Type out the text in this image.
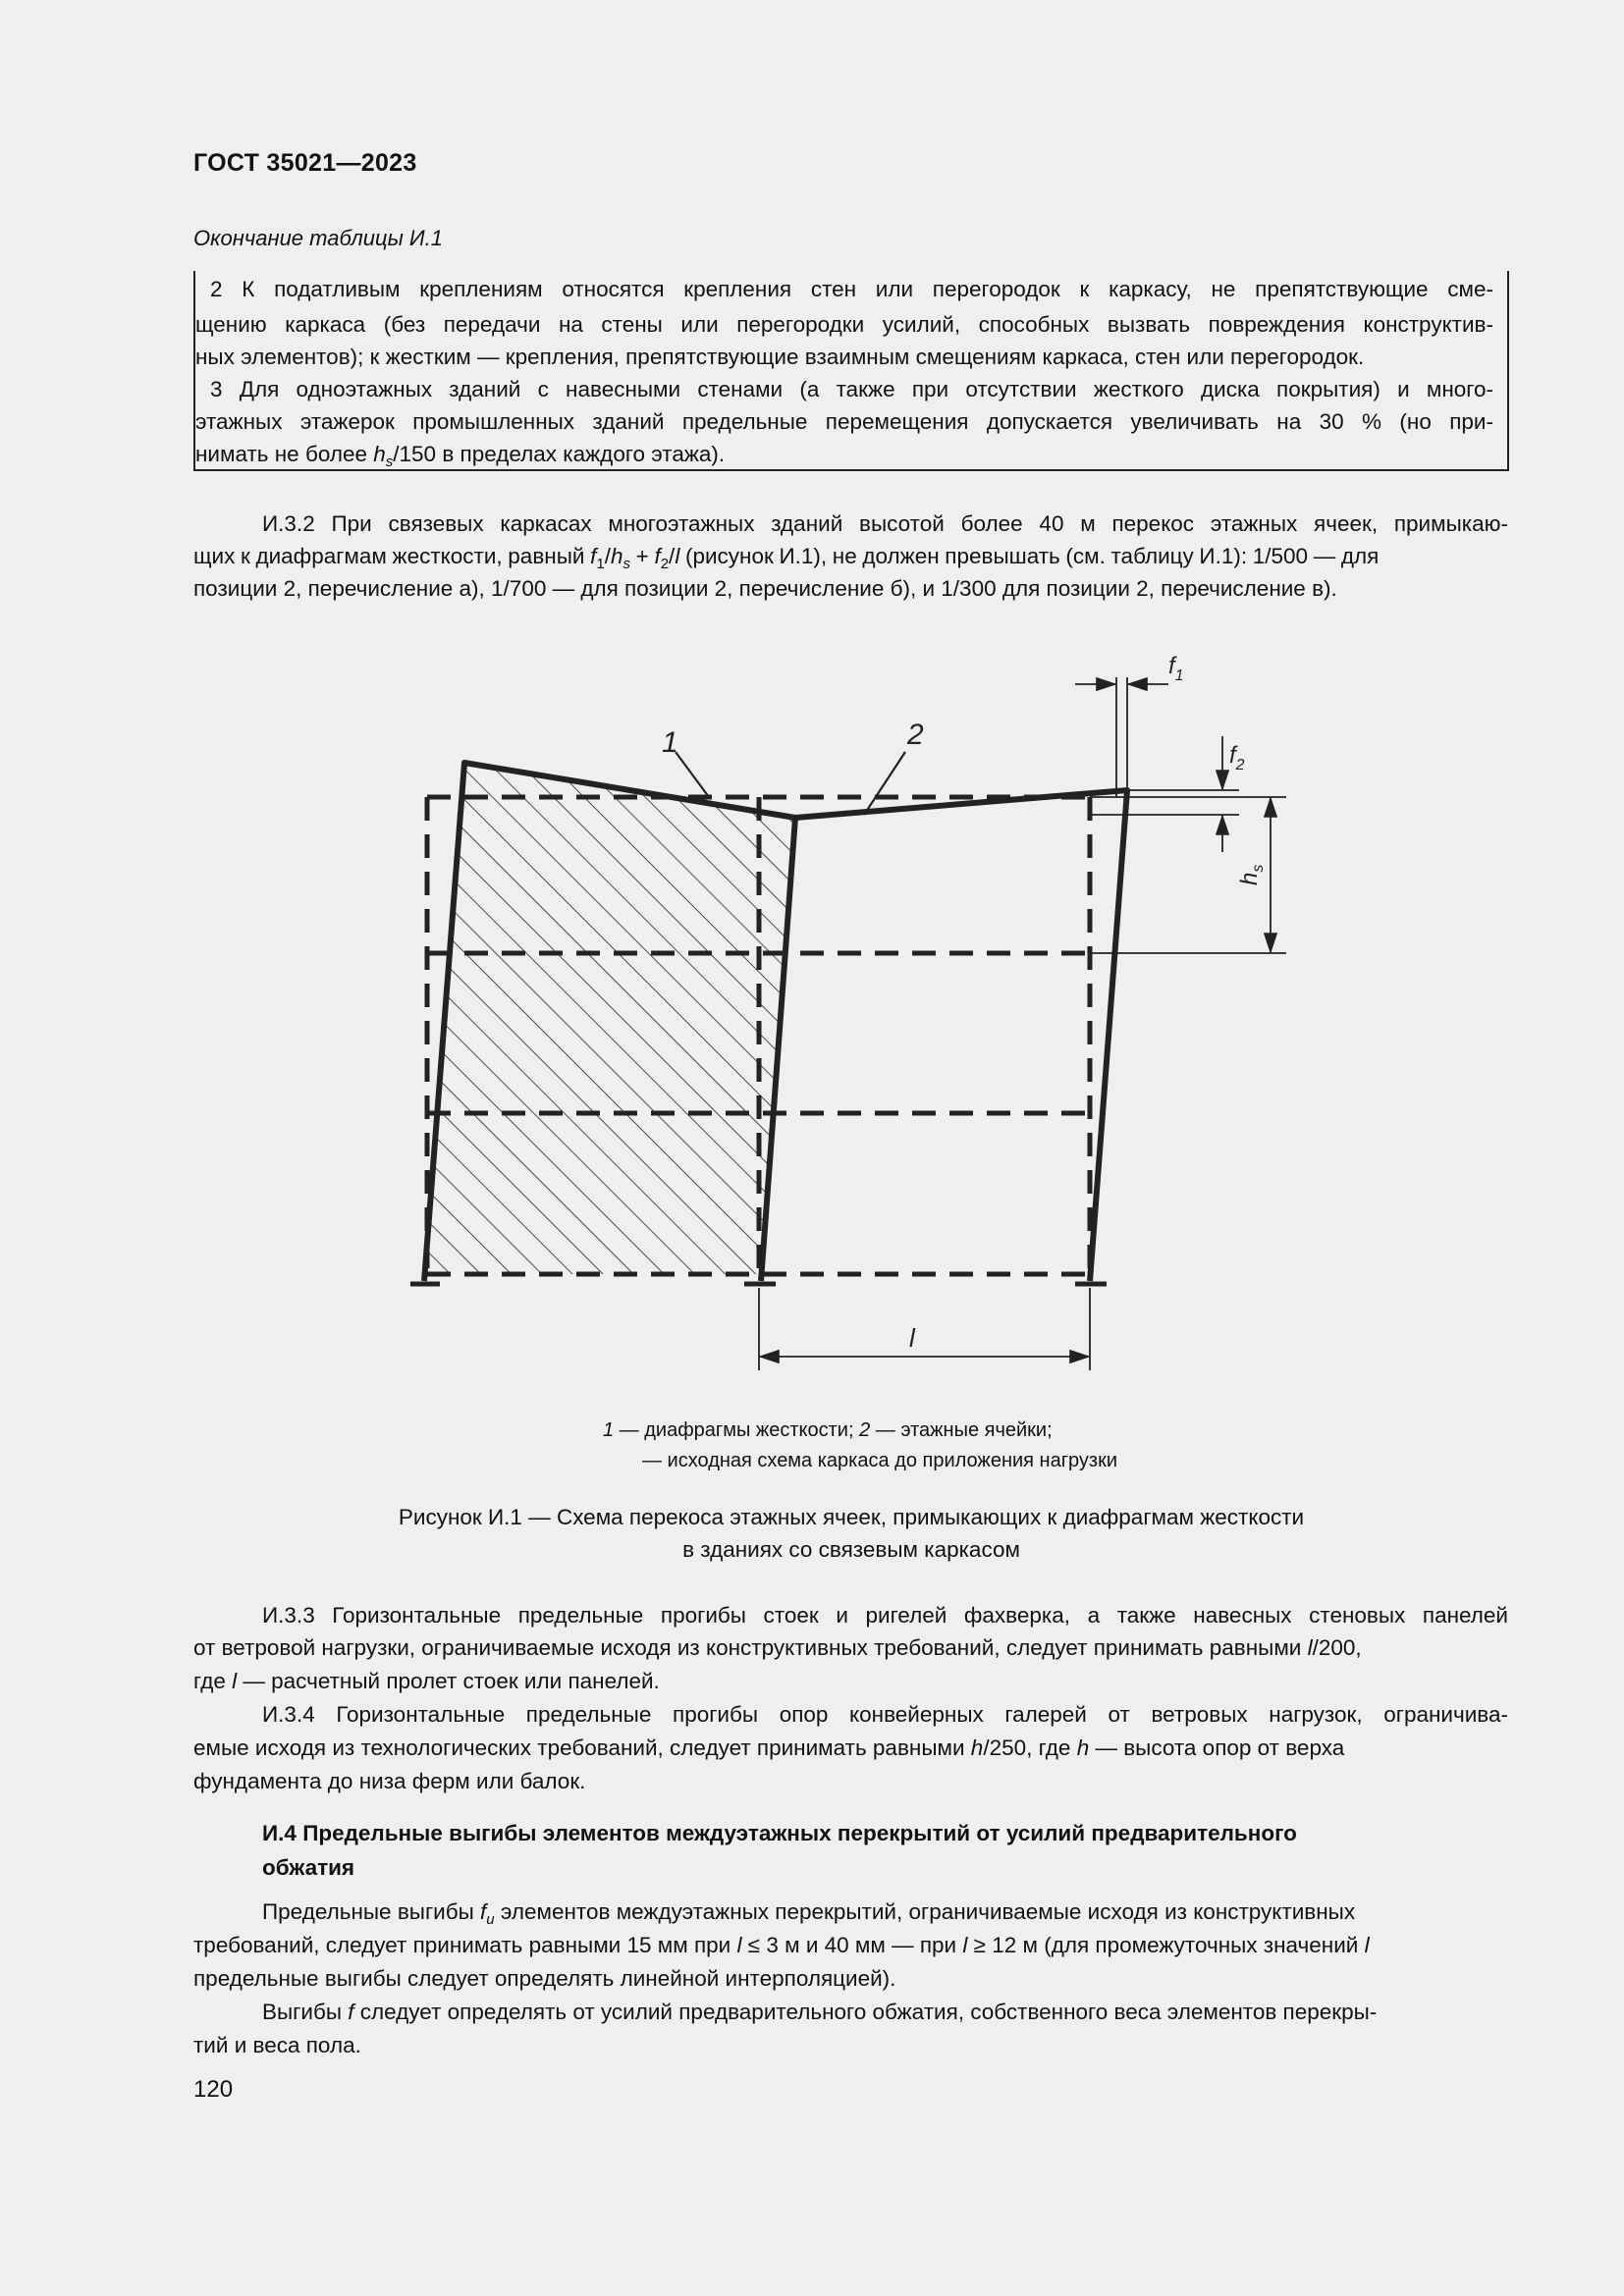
ГОСТ 35021—2023
Окончание таблицы И.1
2 К податливым креплениям относятся крепления стен или перегородок к каркасу, не препятствующие сме-
щению каркаса (без передачи на стены или перегородки усилий, способных вызвать повреждения конструктив-
ных элементов); к жестким — крепления, препятствующие взаимным смещениям каркаса, стен или перегородок.
3 Для одноэтажных зданий с навесными стенами (а также при отсутствии жесткого диска покрытия) и много-
этажных этажерок промышленных зданий предельные перемещения допускается увеличивать на 30 % (но при-
нимать не более $h_s/150$ в пределах каждого этажа).
И.3.2 При связевых каркасах многоэтажных зданий высотой более 40 м перекос этажных ячеек, примыкаю-
щих к диафрагмам жесткости, равный $f_1/h_s + f_2/l$ (рисунок И.1), не должен превышать (см. таблицу И.1): 1/500 — для
позиции 2, перечисление а), 1/700 — для позиции 2, перечисление б), и 1/300 для позиции 2, перечисление в).
1	2
$f_1$
$f_2$
$h_s$
l
1 — диафрагмы жесткости; 2 — этажные ячейки;
— исходная схема каркаса до приложения нагрузки
Рисунок И.1 — Схема перекоса этажных ячеек, примыкающих к диафрагмам жесткости
в зданиях со связевым каркасом
И.3.3 Горизонтальные предельные прогибы стоек и ригелей фахверка, а также навесных стеновых панелей
от ветровой нагрузки, ограничиваемые исходя из конструктивных требований, следует принимать равными l/200,
где l — расчетный пролет стоек или панелей.
И.3.4 Горизонтальные предельные прогибы опор конвейерных галерей от ветровых нагрузок, ограничива-
емые исходя из технологических требований, следует принимать равными h/250, где h — высота опор от верха
фундамента до низа ферм или балок.
И.4 Предельные выгибы элементов междуэтажных перекрытий от усилий предварительного
обжатия
Предельные выгибы $f_u$ элементов междуэтажных перекрытий, ограничиваемые исходя из конструктивных
требований, следует принимать равными 15 мм при l ≤ 3 м и 40 мм — при l ≥ 12 м (для промежуточных значений l
предельные выгибы следует определять линейной интерполяцией).
Выгибы f следует определять от усилий предварительного обжатия, собственного веса элементов перекры-
тий и веса пола.
120
